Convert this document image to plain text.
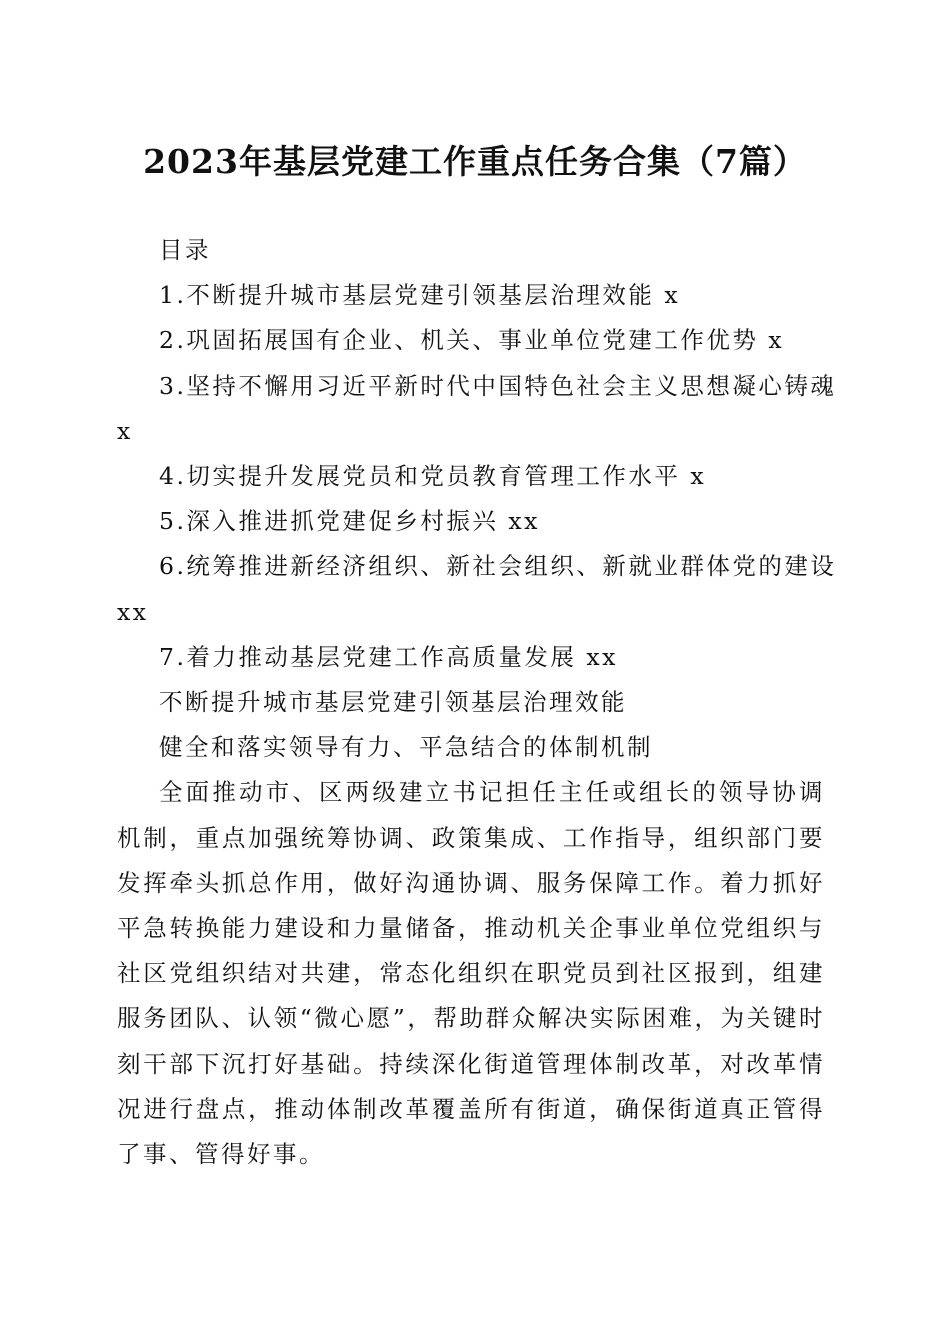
2023年基层党建工作重点任务合集（7篇）
目录
1.不断提升城市基层党建引领基层治理效能 x
2.巩固拓展国有企业、机关、事业单位党建工作优势 x
3.坚持不懈用习近平新时代中国特色社会主义思想凝心铸魂
x
4.切实提升发展党员和党员教育管理工作水平 x
5.深入推进抓党建促乡村振兴 xx
6.统筹推进新经济组织、新社会组织、新就业群体党的建设
xx
7.着力推动基层党建工作高质量发展 xx
不断提升城市基层党建引领基层治理效能
健全和落实领导有力、平急结合的体制机制
全面推动市、区两级建立书记担任主任或组长的领导协调机制，重点加强统筹协调、政策集成、工作指导，组织部门要发挥牵头抓总作用，做好沟通协调、服务保障工作。着力抓好平急转换能力建设和力量储备，推动机关企事业单位党组织与社区党组织结对共建，常态化组织在职党员到社区报到，组建服务团队、认领“微心愿”，帮助群众解决实际困难，为关键时刻干部下沉打好基础。持续深化街道管理体制改革，对改革情况进行盘点，推动体制改革覆盖所有街道，确保街道真正管得了事、管得好事。
